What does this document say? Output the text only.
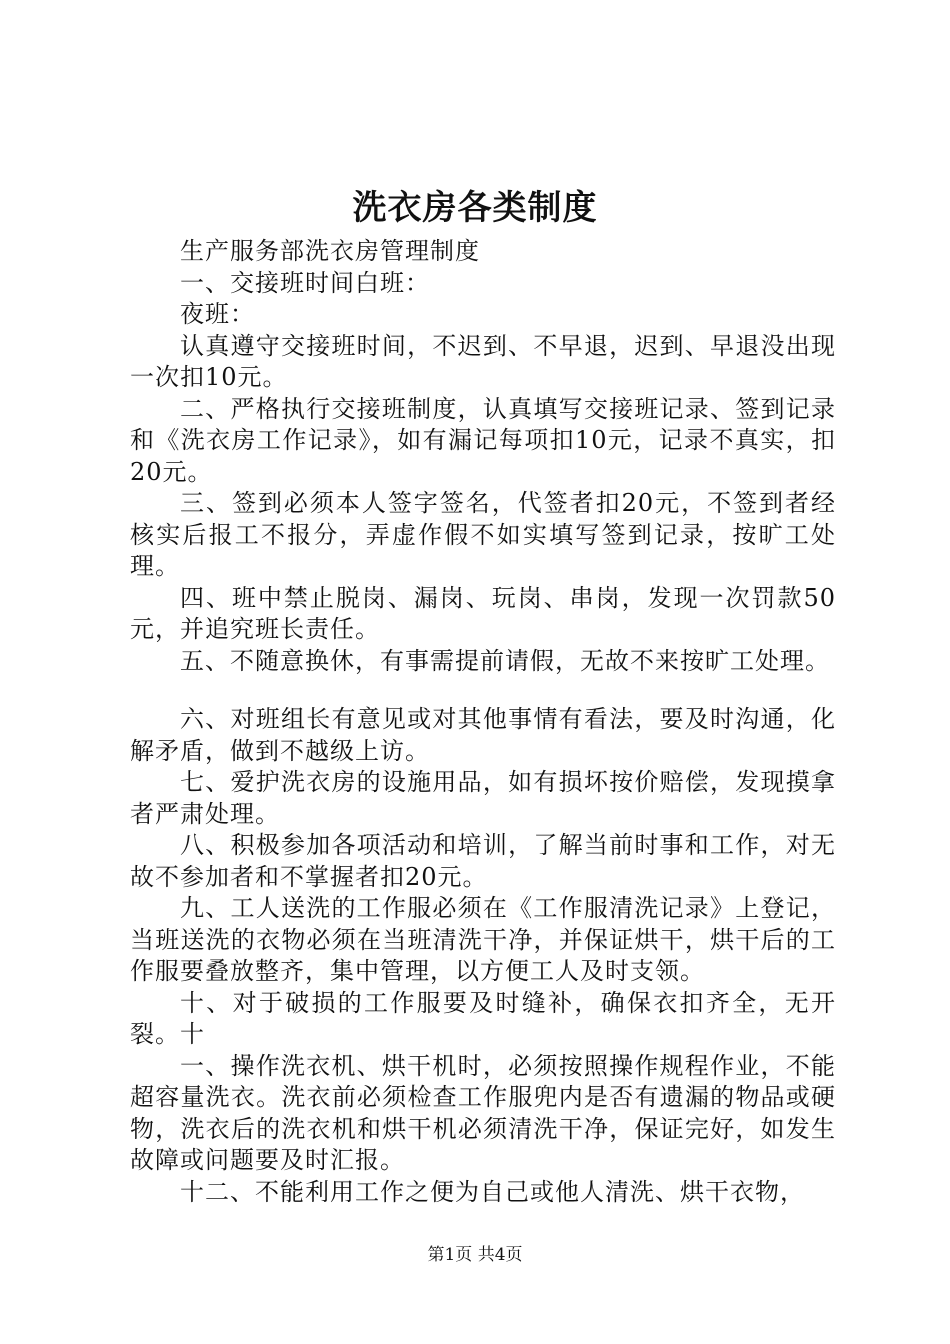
洗衣房各类制度

生产服务部洗衣房管理制度

一、交接班时间白班：

夜班：

认真遵守交接班时间，不迟到、不早退，迟到、早退没出现一次扣10元。

二、严格执行交接班制度，认真填写交接班记录、签到记录和《洗衣房工作记录》，如有漏记每项扣10元，记录不真实，扣20元。

三、签到必须本人签字签名，代签者扣20元，不签到者经核实后报工不报分，弄虚作假不如实填写签到记录，按旷工处理。

四、班中禁止脱岗、漏岗、玩岗、串岗，发现一次罚款50元，并追究班长责任。

五、不随意换休，有事需提前请假，无故不来按旷工处理。

六、对班组长有意见或对其他事情有看法，要及时沟通，化解矛盾，做到不越级上访。

七、爱护洗衣房的设施用品，如有损坏按价赔偿，发现摸拿者严肃处理。

八、积极参加各项活动和培训，了解当前时事和工作，对无故不参加者和不掌握者扣20元。

九、工人送洗的工作服必须在《工作服清洗记录》上登记，当班送洗的衣物必须在当班清洗干净，并保证烘干，烘干后的工作服要叠放整齐，集中管理，以方便工人及时支领。

十、对于破损的工作服要及时缝补，确保衣扣齐全，无开裂。十

一、操作洗衣机、烘干机时，必须按照操作规程作业，不能超容量洗衣。洗衣前必须检查工作服兜内是否有遗漏的物品或硬物，洗衣后的洗衣机和烘干机必须清洗干净，保证完好，如发生故障或问题要及时汇报。

十二、不能利用工作之便为自己或他人清洗、烘干衣物，

第1页 共4页
